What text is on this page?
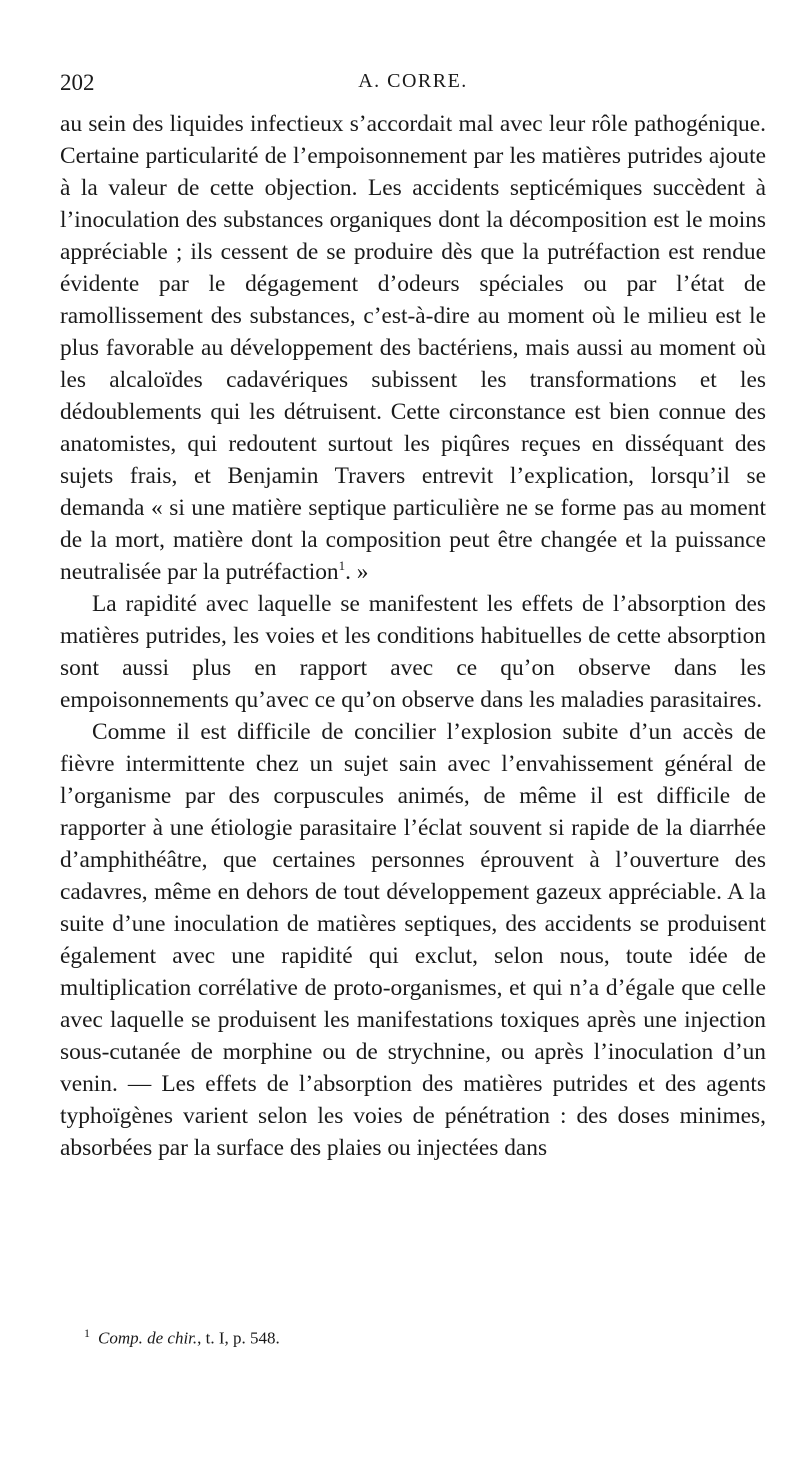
202	A. CORRE.

au sein des liquides infectieux s’accordait mal avec leur rôle pathogénique. Certaine particularité de l’empoisonnement par les matières putrides ajoute à la valeur de cette objection. Les accidents septicémiques succèdent à l’inoculation des substances organiques dont la décomposition est le moins appréciable ; ils cessent de se produire dès que la putréfaction est rendue évidente par le dégagement d’odeurs spéciales ou par l’état de ramollissement des substances, c’est-à-dire au moment où le milieu est le plus favorable au développement des bactériens, mais aussi au moment où les alcaloïdes cadavériques subissent les transformations et les dédoublements qui les détruisent. Cette circonstance est bien connue des anatomistes, qui redoutent surtout les piqûres reçues en disséquant des sujets frais, et Benjamin Travers entrevit l’explication, lorsqu’il se demanda « si une matière septique particulière ne se forme pas au moment de la mort, matière dont la composition peut être changée et la puissance neutralisée par la putréfaction$^1$. »

La rapidité avec laquelle se manifestent les effets de l’absorption des matières putrides, les voies et les conditions habituelles de cette absorption sont aussi plus en rapport avec ce qu’on observe dans les empoisonnements qu’avec ce qu’on observe dans les maladies parasitaires.

Comme il est difficile de concilier l’explosion subite d’un accès de fièvre intermittente chez un sujet sain avec l’envahissement général de l’organisme par des corpuscules animés, de même il est difficile de rapporter à une étiologie parasitaire l’éclat souvent si rapide de la diarrhée d’amphithéâtre, que certaines personnes éprouvent à l’ouverture des cadavres, même en dehors de tout développement gazeux appréciable. A la suite d’une inoculation de matières septiques, des accidents se produisent également avec une rapidité qui exclut, selon nous, toute idée de multiplication corrélative de proto-organismes, et qui n’a d’égale que celle avec laquelle se produisent les manifestations toxiques après une injection sous-cutanée de morphine ou de strychnine, ou après l’inoculation d’un venin. — Les effets de l’absorption des matières putrides et des agents typhoïgènes varient selon les voies de pénétration : des doses minimes, absorbées par la surface des plaies ou injectées dans

$^1$ Comp. de chir., t. I, p. 548.
